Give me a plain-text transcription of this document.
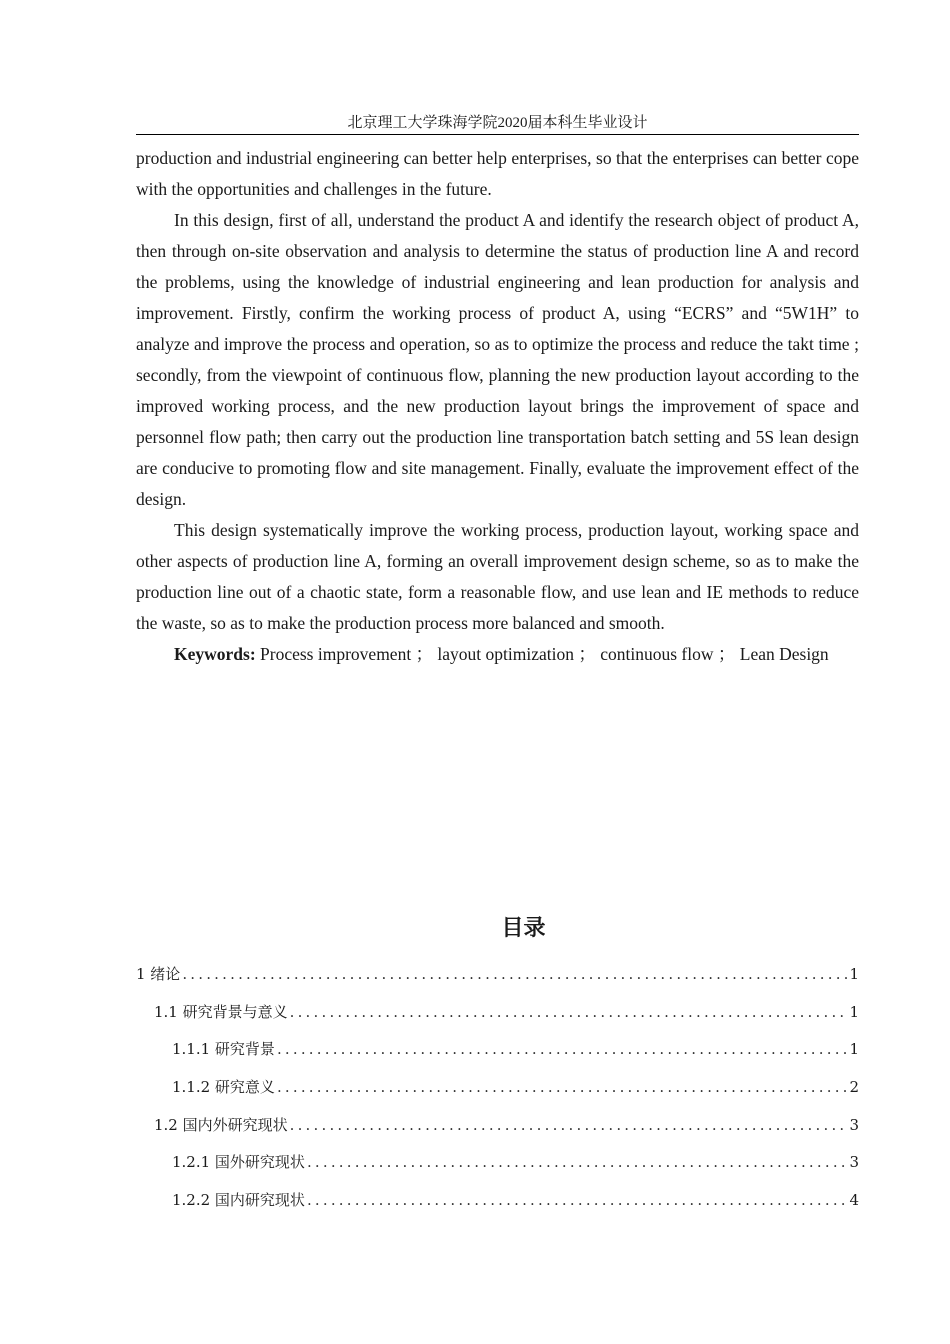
北京理工大学珠海学院2020届本科生毕业设计

production and industrial engineering can better help enterprises, so that the enterprises can better cope with the opportunities and challenges in the future.

In this design, first of all, understand the product A and identify the research object of product A, then through on-site observation and analysis to determine the status of production line A and record the problems, using the knowledge of industrial engineering and lean production for analysis and improvement. Firstly, confirm the working process of product A, using “ECRS” and “5W1H” to analyze and improve the process and operation, so as to optimize the process and reduce the takt time ; secondly, from the viewpoint of continuous flow, planning the new production layout according to the improved working process, and the new production layout brings the improvement of space and personnel flow path; then carry out the production line transportation batch setting and 5S lean design are conducive to promoting flow and site management. Finally, evaluate the improvement effect of the design.

This design systematically improve the working process, production layout, working space and other aspects of production line A, forming an overall improvement design scheme, so as to make the production line out of a chaotic state, form a reasonable flow, and use lean and IE methods to reduce the waste, so as to make the production process more balanced and smooth.

Keywords: Process improvement ； layout optimization ； continuous flow ； Lean Design

目录
1 绪论 .....	1
1.1 研究背景与意义 .....	1
1.1.1 研究背景 .....	1
1.1.2 研究意义 .....	2
1.2 国内外研究现状 .....	3
1.2.1 国外研究现状 .....	3
1.2.2 国内研究现状 .....	4
